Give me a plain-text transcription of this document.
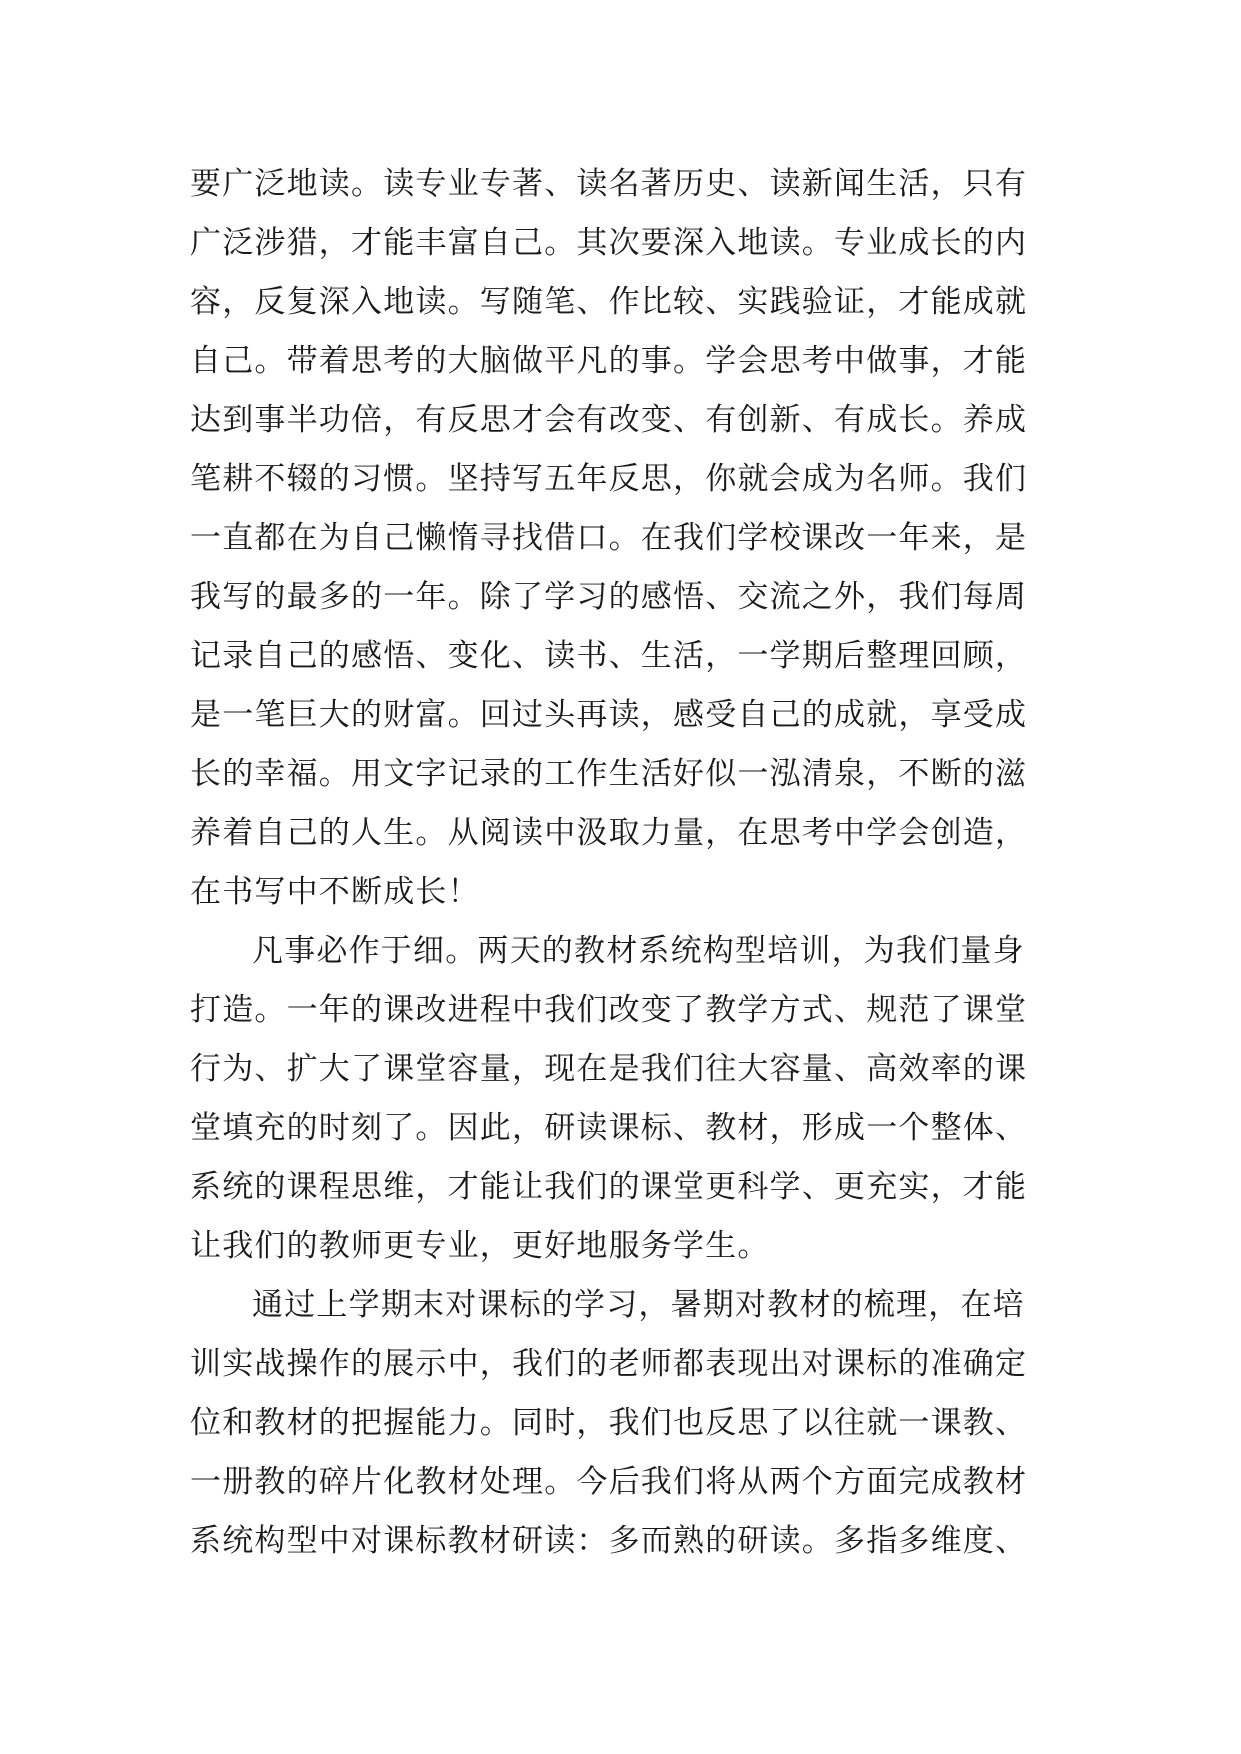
要广泛地读。读专业专著、读名著历史、读新闻生活，只有
广泛涉猎，才能丰富自己。其次要深入地读。专业成长的内
容，反复深入地读。写随笔、作比较、实践验证，才能成就
自己。带着思考的大脑做平凡的事。学会思考中做事，才能
达到事半功倍，有反思才会有改变、有创新、有成长。养成
笔耕不辍的习惯。坚持写五年反思，你就会成为名师。我们
一直都在为自己懒惰寻找借口。在我们学校课改一年来，是
我写的最多的一年。除了学习的感悟、交流之外，我们每周
记录自己的感悟、变化、读书、生活，一学期后整理回顾，
是一笔巨大的财富。回过头再读，感受自己的成就，享受成
长的幸福。用文字记录的工作生活好似一泓清泉，不断的滋
养着自己的人生。从阅读中汲取力量，在思考中学会创造，
在书写中不断成长！
凡事必作于细。两天的教材系统构型培训，为我们量身
打造。一年的课改进程中我们改变了教学方式、规范了课堂
行为、扩大了课堂容量，现在是我们往大容量、高效率的课
堂填充的时刻了。因此，研读课标、教材，形成一个整体、
系统的课程思维，才能让我们的课堂更科学、更充实，才能
让我们的教师更专业，更好地服务学生。
通过上学期末对课标的学习，暑期对教材的梳理，在培
训实战操作的展示中，我们的老师都表现出对课标的准确定
位和教材的把握能力。同时，我们也反思了以往就一课教、
一册教的碎片化教材处理。今后我们将从两个方面完成教材
系统构型中对课标教材研读：多而熟的研读。多指多维度、
